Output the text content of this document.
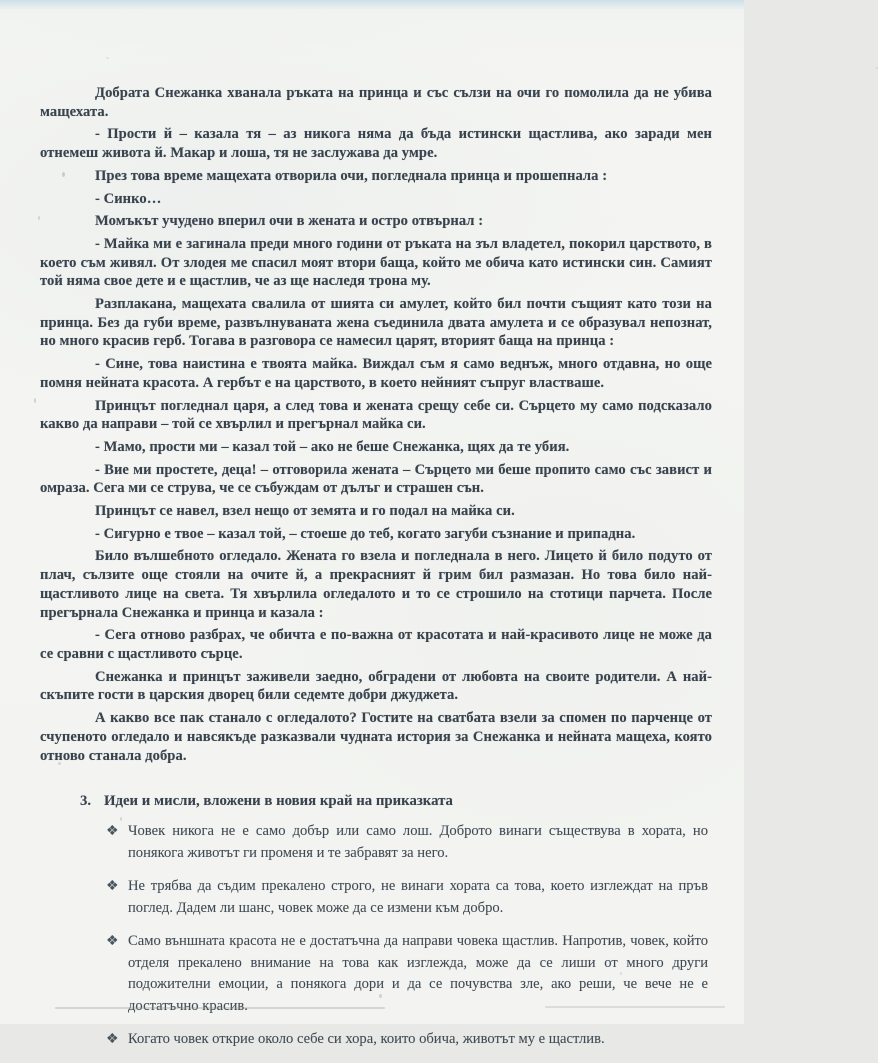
Добрата Снежанка хванала ръката на принца и със сълзи на очи го помолила да не убива мащехата.

- Прости й – казала тя – аз никога няма да бъда истински щастлива, ако заради мен отнемеш живота й. Макар и лоша, тя не заслужава да умре.

През това време мащехата отворила очи, погледнала принца и прошепнала :

- Синко…

Момъкът учудено вперил очи в жената и остро отвърнал :

- Майка ми е загинала преди много години от ръката на зъл владетел, покорил царството, в което съм живял. От злодея ме спасил моят втори баща, който ме обича като истински син. Самият той няма свое дете и е щастлив, че аз ще наследя трона му.

Разплакана, мащехата свалила от шията си амулет, който бил почти същият като този на принца. Без да губи време, развълнуваната жена съединила двата амулета и се образувал непознат, но много красив герб. Тогава в разговора се намесил царят, вторият баща на принца :

- Сине, това наистина е твоята майка. Виждал съм я само веднъж, много отдавна, но още помня нейната красота. А гербът е на царството, в което нейният съпруг властваше.

Принцът погледнал царя, а след това и жената срещу себе си. Сърцето му само подсказало какво да направи – той се хвърлил и прегърнал майка си.

- Мамо, прости ми – казал той – ако не беше Снежанка, щях да те убия.

- Вие ми простете, деца! – отговорила жената – Сърцето ми беше пропито само със завист и омраза. Сега ми се струва, че се събуждам от дълъг и страшен сън.

Принцът се навел, взел нещо от земята и го подал на майка си.

- Сигурно е твое – казал той, – стоеше до теб, когато загуби съзнание и припадна.

Било вълшебното огледало. Жената го взела и погледнала в него. Лицето й било подуто от плач, сълзите още стояли на очите й, а прекрасният й грим бил размазан. Но това било най-щастливото лице на света. Тя хвърлила огледалото и то се строшило на стотици парчета. После прегърнала Снежанка и принца и казала :

- Сега отново разбрах, че обичта е по-важна от красотата и най-красивото лице не може да се сравни с щастливото сърце.

Снежанка и принцът заживели заедно, обградени от любовта на своите родители. А най-скъпите гости в царския дворец били седемте добри джуджета.

А какво все пак станало с огледалото? Гостите на сватбата взели за спомен по парченце от счупеното огледало и навсякъде разказвали чудната история за Снежанка и нейната мащеха, която отново станала добра.

3. Идеи и мисли, вложени в новия край на приказката
❖ Човек никога не е само добър или само лош. Доброто винаги съществува в хората, но понякога животът ги променя и те забравят за него.
❖ Не трябва да съдим прекалено строго, не винаги хората са това, което изглеждат на пръв поглед. Дадем ли шанс, човек може да се измени към добро.
❖ Само външната красота не е достатъчна да направи човека щастлив. Напротив, човек, който отделя прекалено внимание на това как изглежда, може да се лиши от много други подожителни емоции, а понякога дори и да се почувства зле, ако реши, че вече не е достатъчно красив.
❖ Когато човек открие около себе си хора, които обича, животът му е щастлив.
